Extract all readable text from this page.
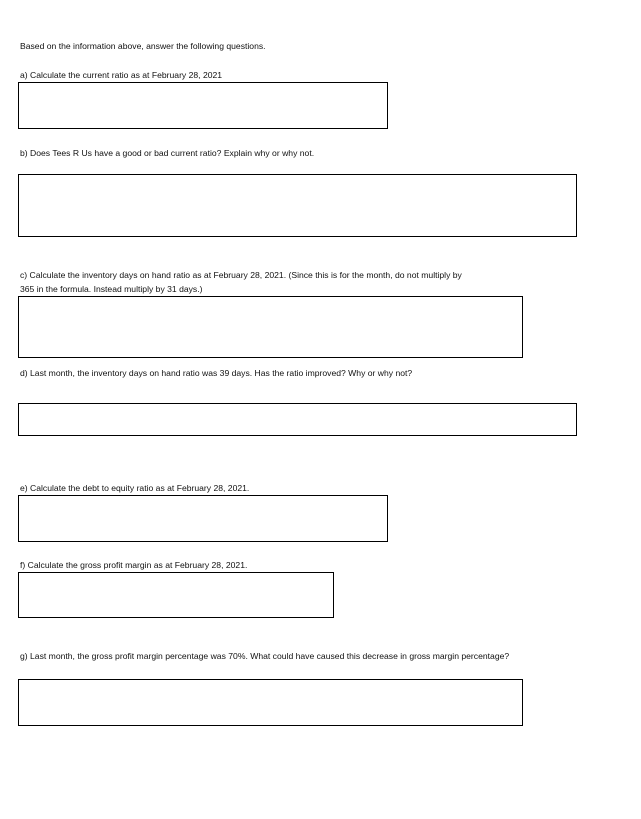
Based on the information above, answer the following questions.
a) Calculate the current ratio as at February 28, 2021
b) Does Tees R Us have a good or bad current ratio? Explain why or why not.
c) Calculate the inventory days on hand ratio as at February 28, 2021. (Since this is for the month, do not multiply by
365 in the formula. Instead multiply by 31 days.)
d) Last month, the inventory days on hand ratio was 39 days. Has the ratio improved? Why or why not?
e) Calculate the debt to equity ratio as at February 28, 2021.
f) Calculate the gross profit margin as at February 28, 2021.
g) Last month, the gross profit margin percentage was 70%. What could have caused this decrease in gross margin percentage?
